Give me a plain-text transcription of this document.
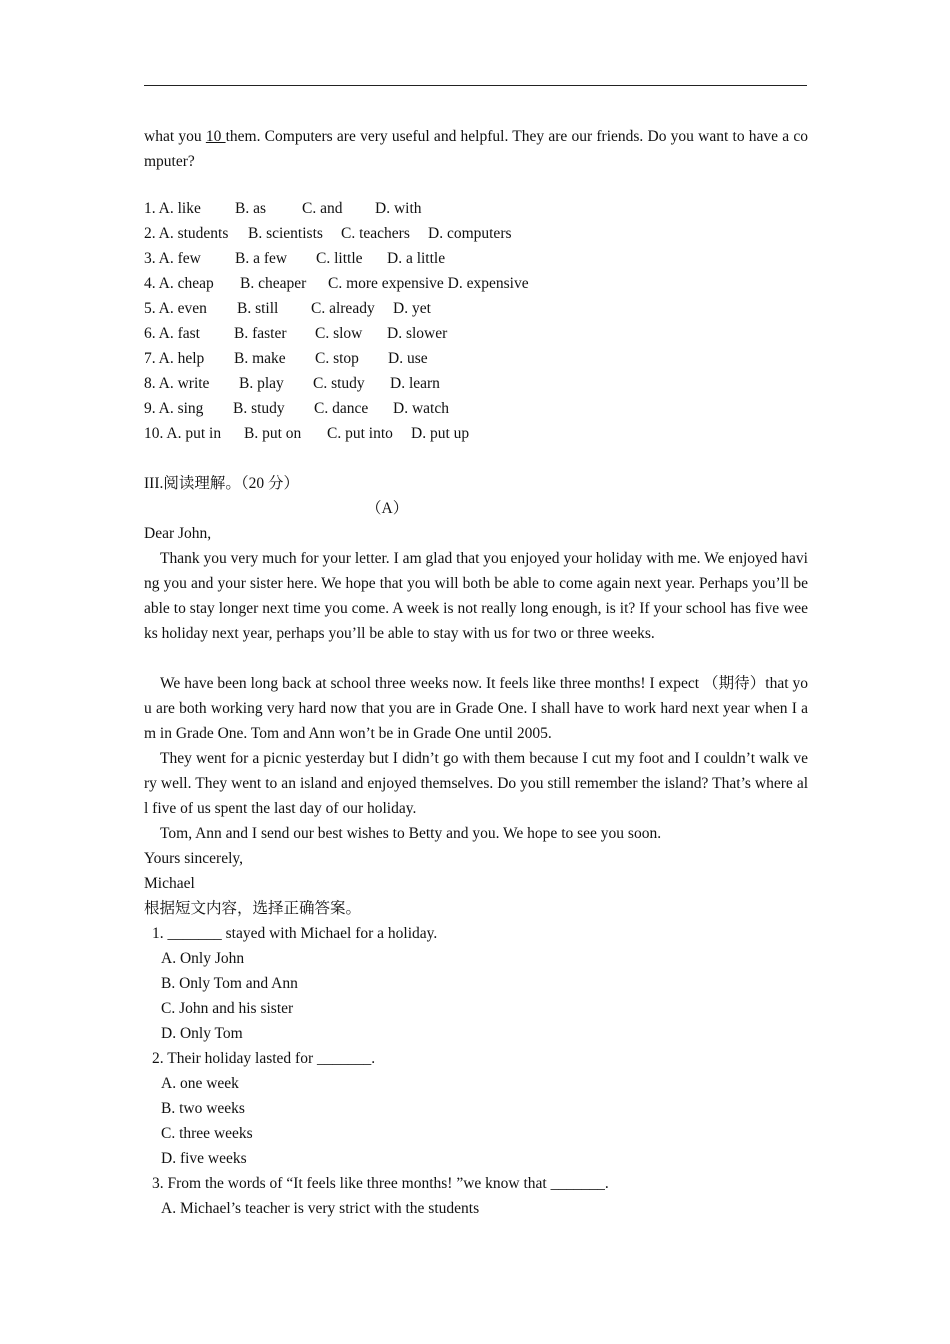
what you 10 them. Computers are very useful and helpful. They are our friends. Do you want to have a computer?
1. A. like B. as C. and D. with
2. A. students B. scientists C. teachers D. computers
3. A. few B. a few C. little D. a little
4. A. cheap B. cheaper C. more expensive D. expensive
5. A. even B. still C. already D. yet
6. A. fast B. faster C. slow D. slower
7. A. help B. make C. stop D. use
8. A. write B. play C. study D. learn
9. A. sing B. study C. dance D. watch
10. A. put in B. put on C. put into D. put up
III.阅读理解。（20 分）
（A）
Dear John,
Thank you very much for your letter. I am glad that you enjoyed your holiday with me. We enjoyed having you and your sister here. We hope that you will both be able to come again next year. Perhaps you’ll be able to stay longer next time you come. A week is not really long enough, is it? If your school has five weeks holiday next year, perhaps you’ll be able to stay with us for two or three weeks.
We have been long back at school three weeks now. It feels like three months! I expect （期待）that you are both working very hard now that you are in Grade One. I shall have to work hard next year when I am in Grade One. Tom and Ann won’t be in Grade One until 2005.
They went for a picnic yesterday but I didn’t go with them because I cut my foot and I couldn’t walk very well. They went to an island and enjoyed themselves. Do you still remember the island? That’s where all five of us spent the last day of our holiday.
Tom, Ann and I send our best wishes to Betty and you. We hope to see you soon.
Yours sincerely,
Michael
根据短文内容，选择正确答案。
1. _______ stayed with Michael for a holiday.
A. Only John
B. Only Tom and Ann
C. John and his sister
D. Only Tom
2. Their holiday lasted for _______.
A. one week
B. two weeks
C. three weeks
D. five weeks
3. From the words of “It feels like three months! ”we know that _______.
A. Michael’s teacher is very strict with the students
